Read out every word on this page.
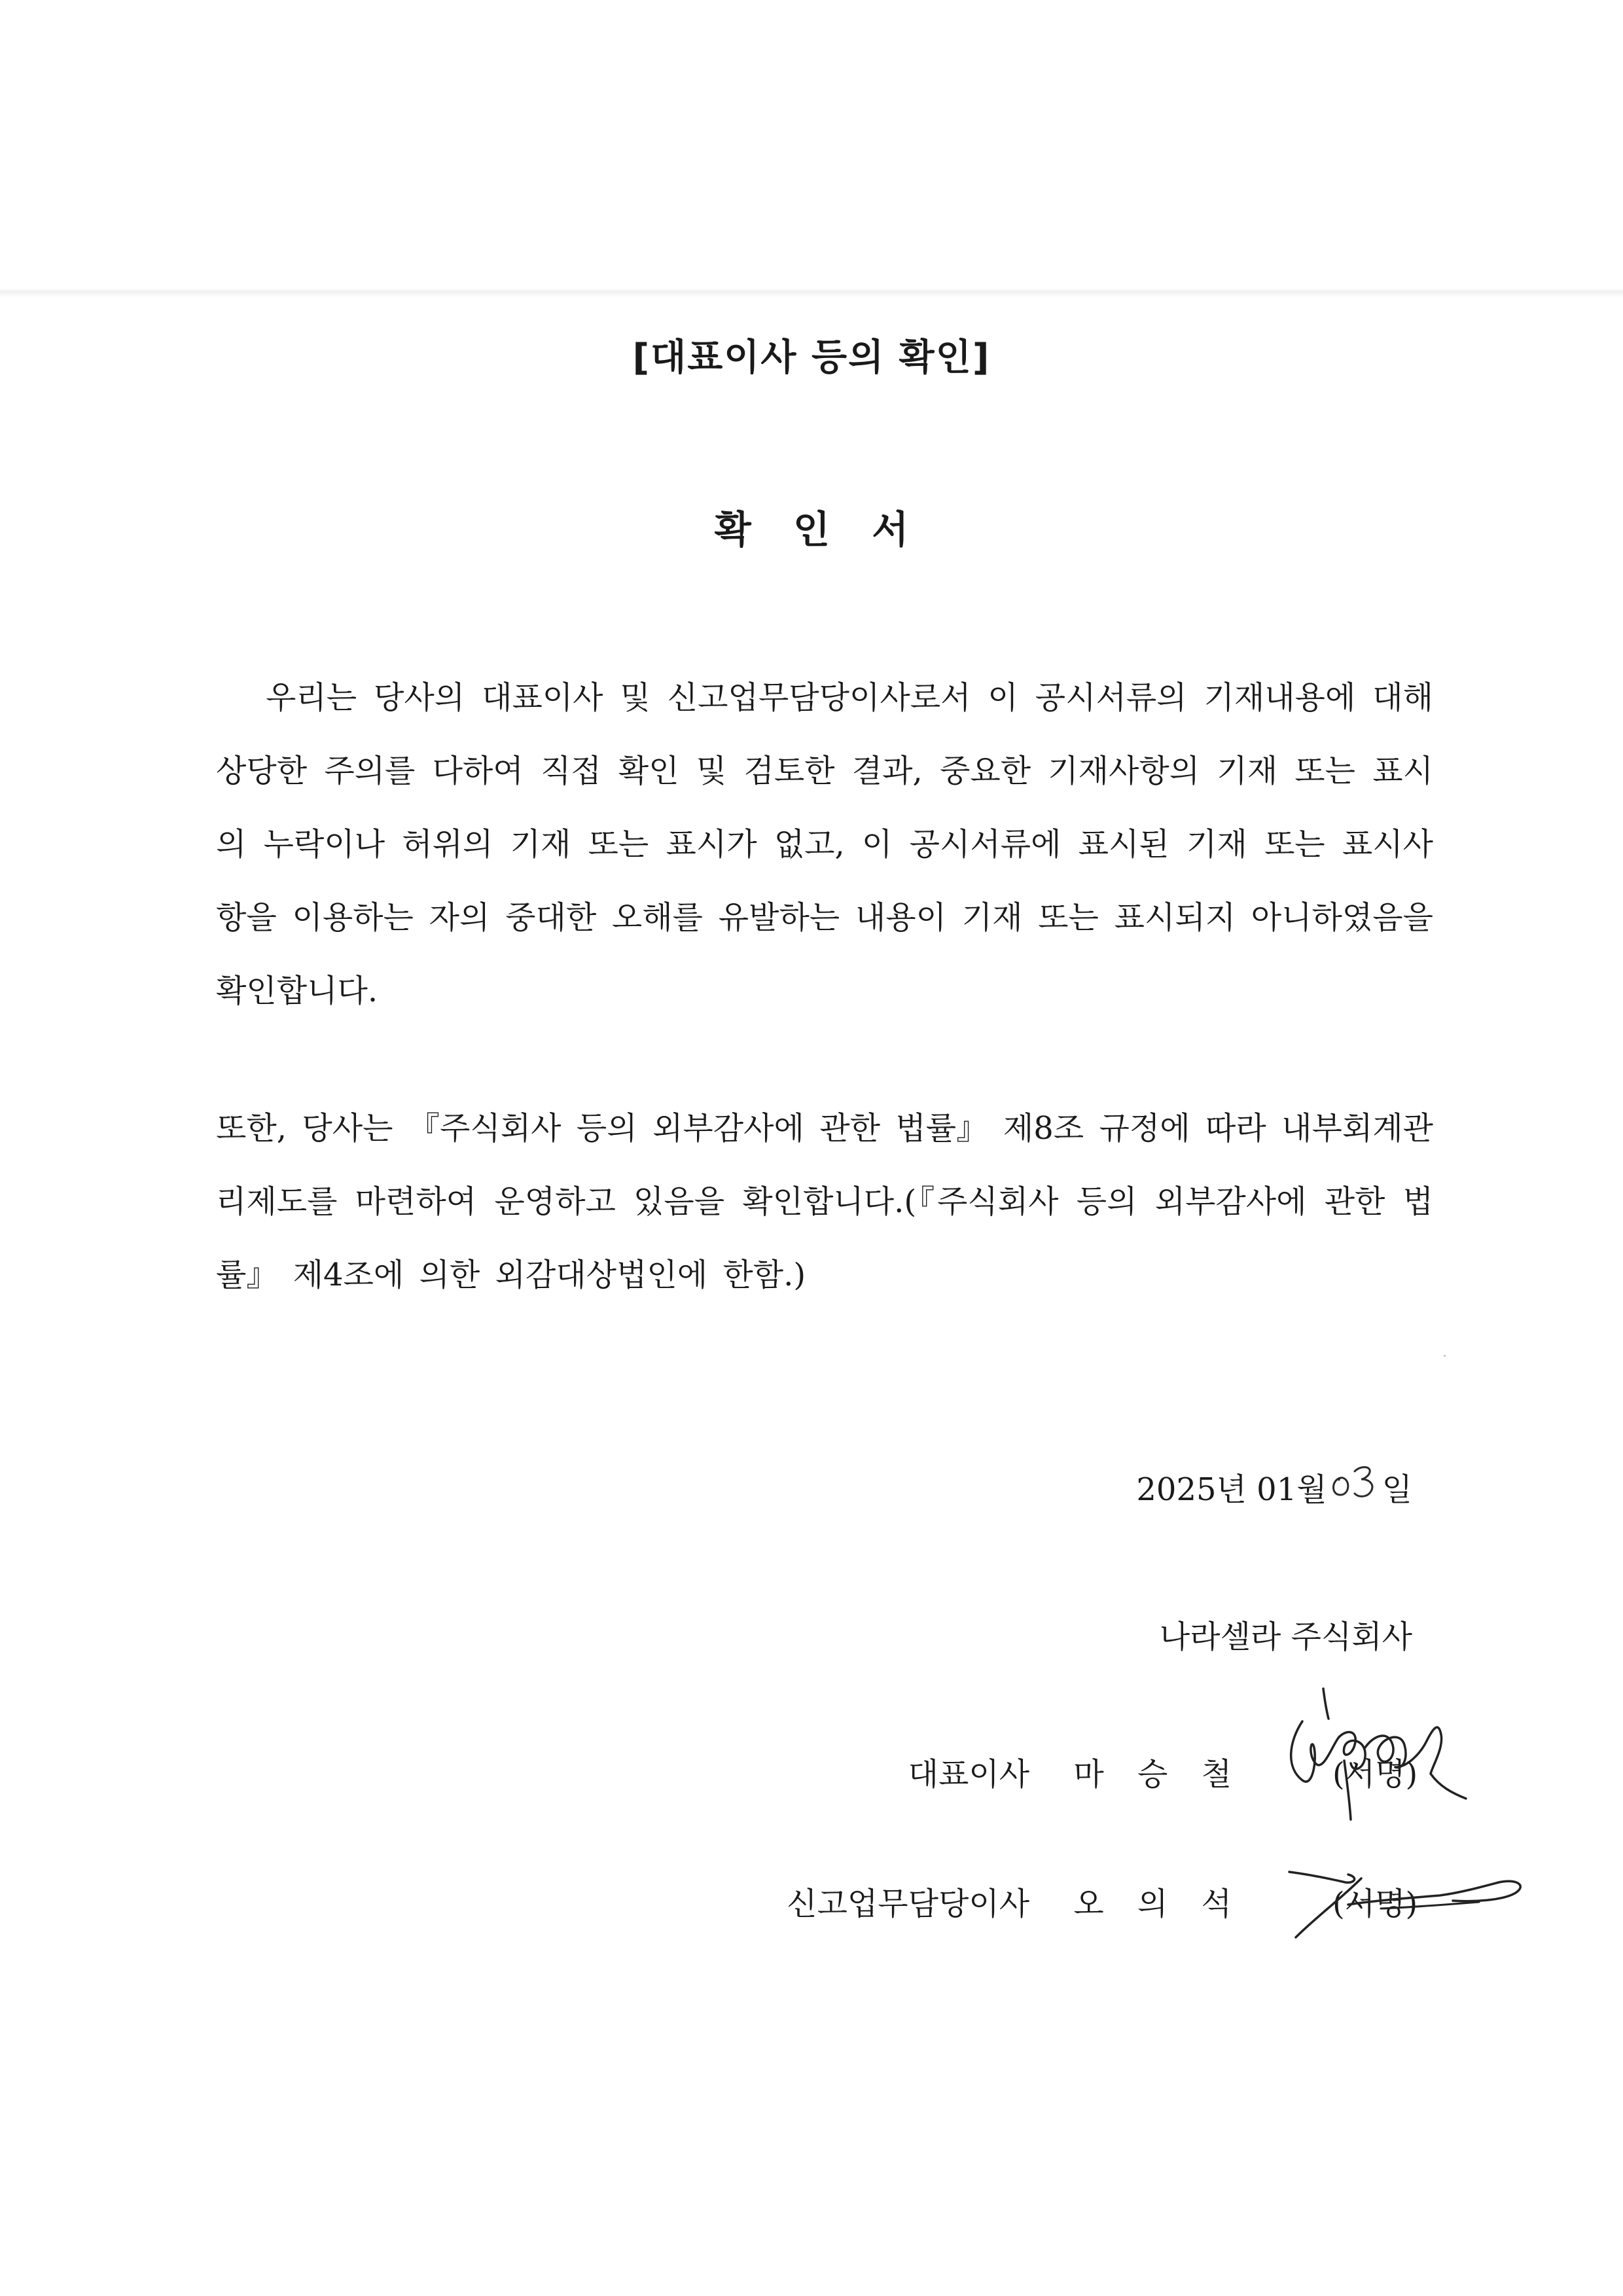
[대표이사 등의 확인]
확 인 서
우리는 당사의 대표이사 및 신고업무담당이사로서 이 공시서류의 기재내용에 대해 상당한 주의를 다하여 직접 확인 및 검토한 결과, 중요한 기재사항의 기재 또는 표시의 누락이나 허위의 기재 또는 표시가 없고, 이 공시서류에 표시된 기재 또는 표시사항을 이용하는 자의 중대한 오해를 유발하는 내용이 기재 또는 표시되지 아니하였음을 확인합니다.
또한, 당사는 『주식회사 등의 외부감사에 관한 법률』 제8조 규정에 따라 내부회계관리제도를 마련하여 운영하고 있음을 확인합니다.(『주식회사 등의 외부감사에 관한 법률』 제4조에 의한 외감대상법인에 한함.)
2025년 01월 일
나라셀라 주식회사
대표이사 마 승 철	(서명)
신고업무담당이사 오 의 석	(서명)
